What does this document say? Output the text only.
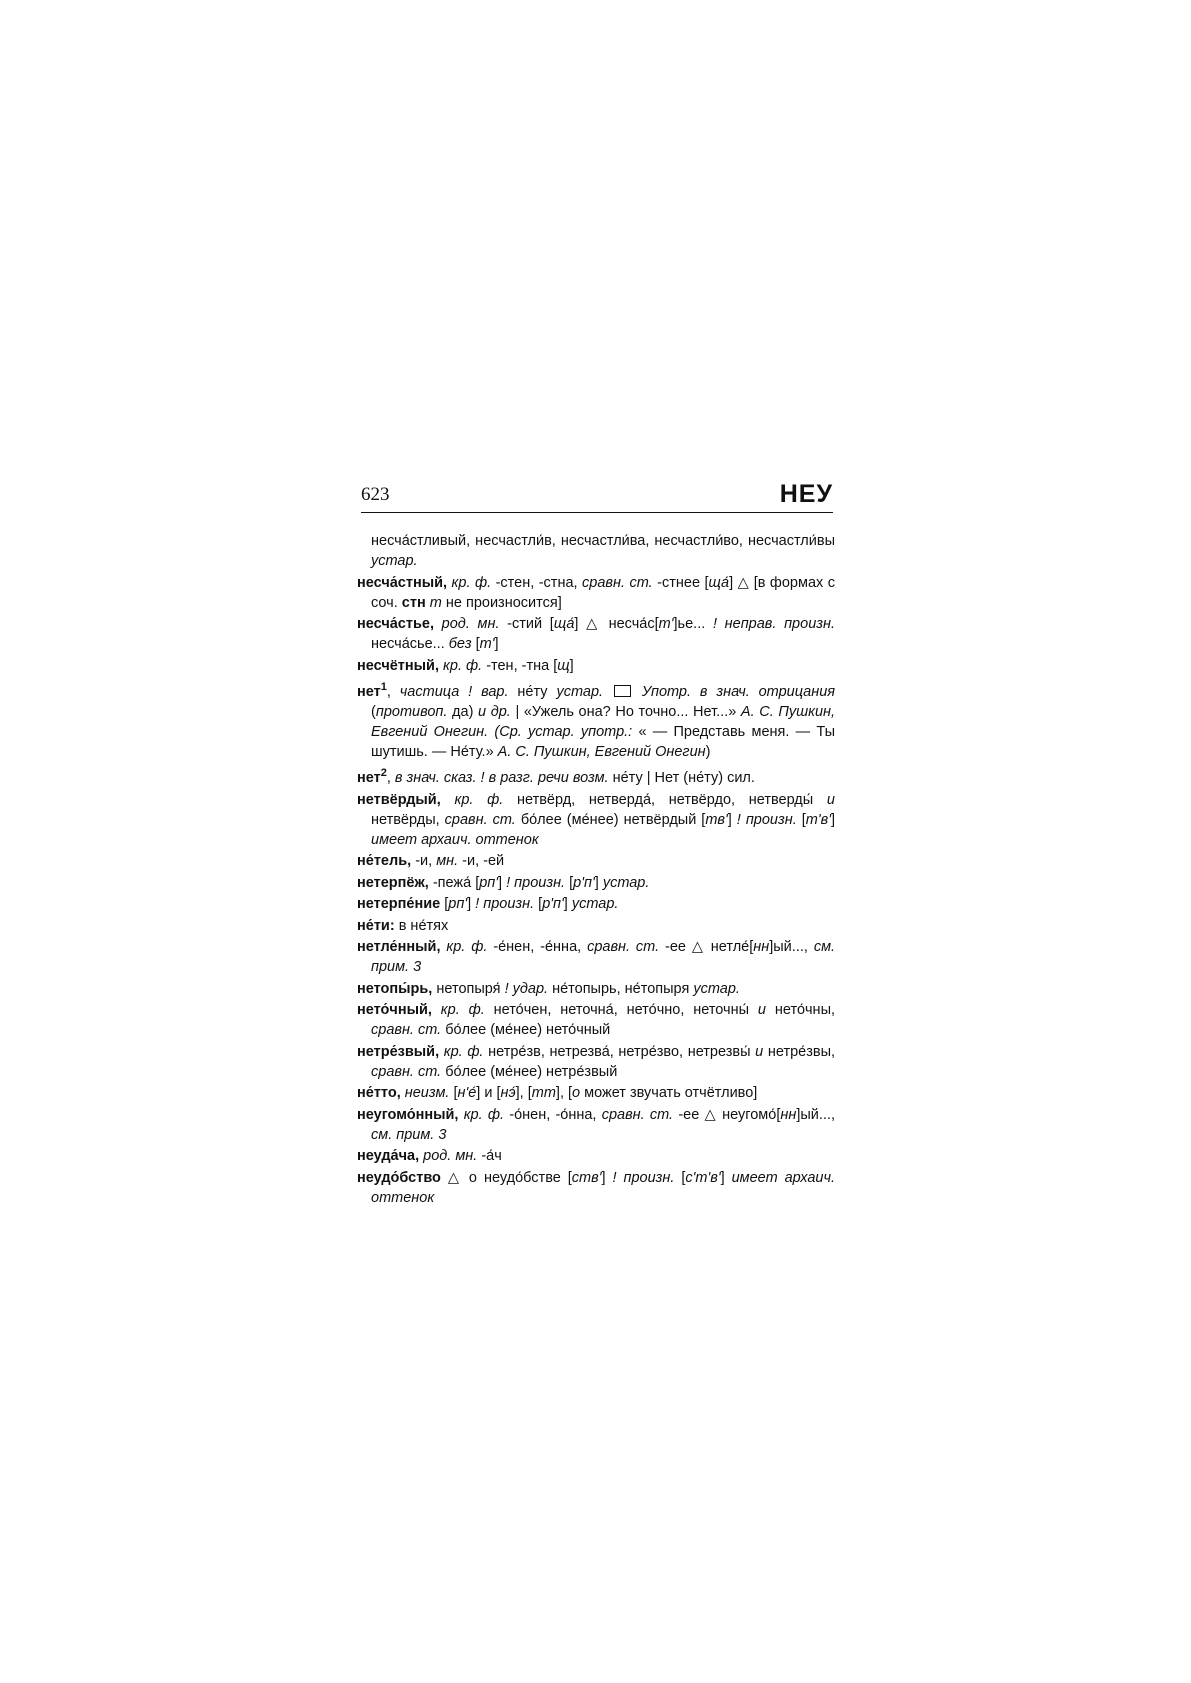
623	НЕУ
несча́стливый, несчастли́в, несчастли́ва, несчастли́во, несчастли́вы устар.
несча́стный, кр. ф. -стен, -стна, сравн. ст. -стнее [ща́] △ [в формах с соч. стн т не произносится]
несча́стье, род. мн. -стий [ща́] △ несча́с[т']ье... ! неправ. произн. несча́сье... без [т']
несчётный, кр. ф. -тен, -тна [щ]
нет$^1$, частица ! вар. не́ту устар.	Употр. в знач. отрицания (противоп. да) и др. | «Ужель она? Но точно... Нет...» А. С. Пушкин, Евгений Онегин. (Ср. устар. употр.: « — Представь меня. — Ты шутишь. — Не́ту.» А. С. Пушкин, Евгений Онегин)
нет$^2$, в знач. сказ. ! в разг. речи возм. не́ту | Нет (не́ту) сил.
нетвёрдый, кр. ф. нетвёрд, нетверда́, нетвёрдо, нетверды́ и нетвёрды, сравн. ст. бо́лее (ме́нее) нетвёрдый [тв'] ! произн. [т'в'] имеет архаич. оттенок
не́тель, -и, мн. -и, -ей
нетерпёж, -пежа́ [рп'] ! произн. [р'п'] устар.
нетерпе́ние [рп'] ! произн. [р'п'] устар.
не́ти: в не́тях
нетле́нный, кр. ф. -е́нен, -е́нна, сравн. ст. -ее △ нетле́[нн]ый..., см. прим. 3
нетопы́рь, нетопыря́ ! удар. не́топырь, не́топыря устар.
нето́чный, кр. ф. нето́чен, неточна́, нето́чно, неточны́ и нето́чны, сравн. ст. бо́лее (ме́нее) нето́чный
нетре́звый, кр. ф. нетре́зв, нетрезва́, нетре́зво, нетрезвы́ и нетре́звы, сравн. ст. бо́лее (ме́нее) нетре́звый
не́тто, неизм. [н'е́] и [нэ́], [тт], [о может звучать отчётливо]
неугомо́нный, кр. ф. -о́нен, -о́нна, сравн. ст. -ее △ неугомо́[нн]ый..., см. прим. 3
неуда́ча, род. мн. -а́ч
неудо́бство △ о неудо́бстве [ств'] ! произн. [с'т'в'] имеет архаич. оттенок
